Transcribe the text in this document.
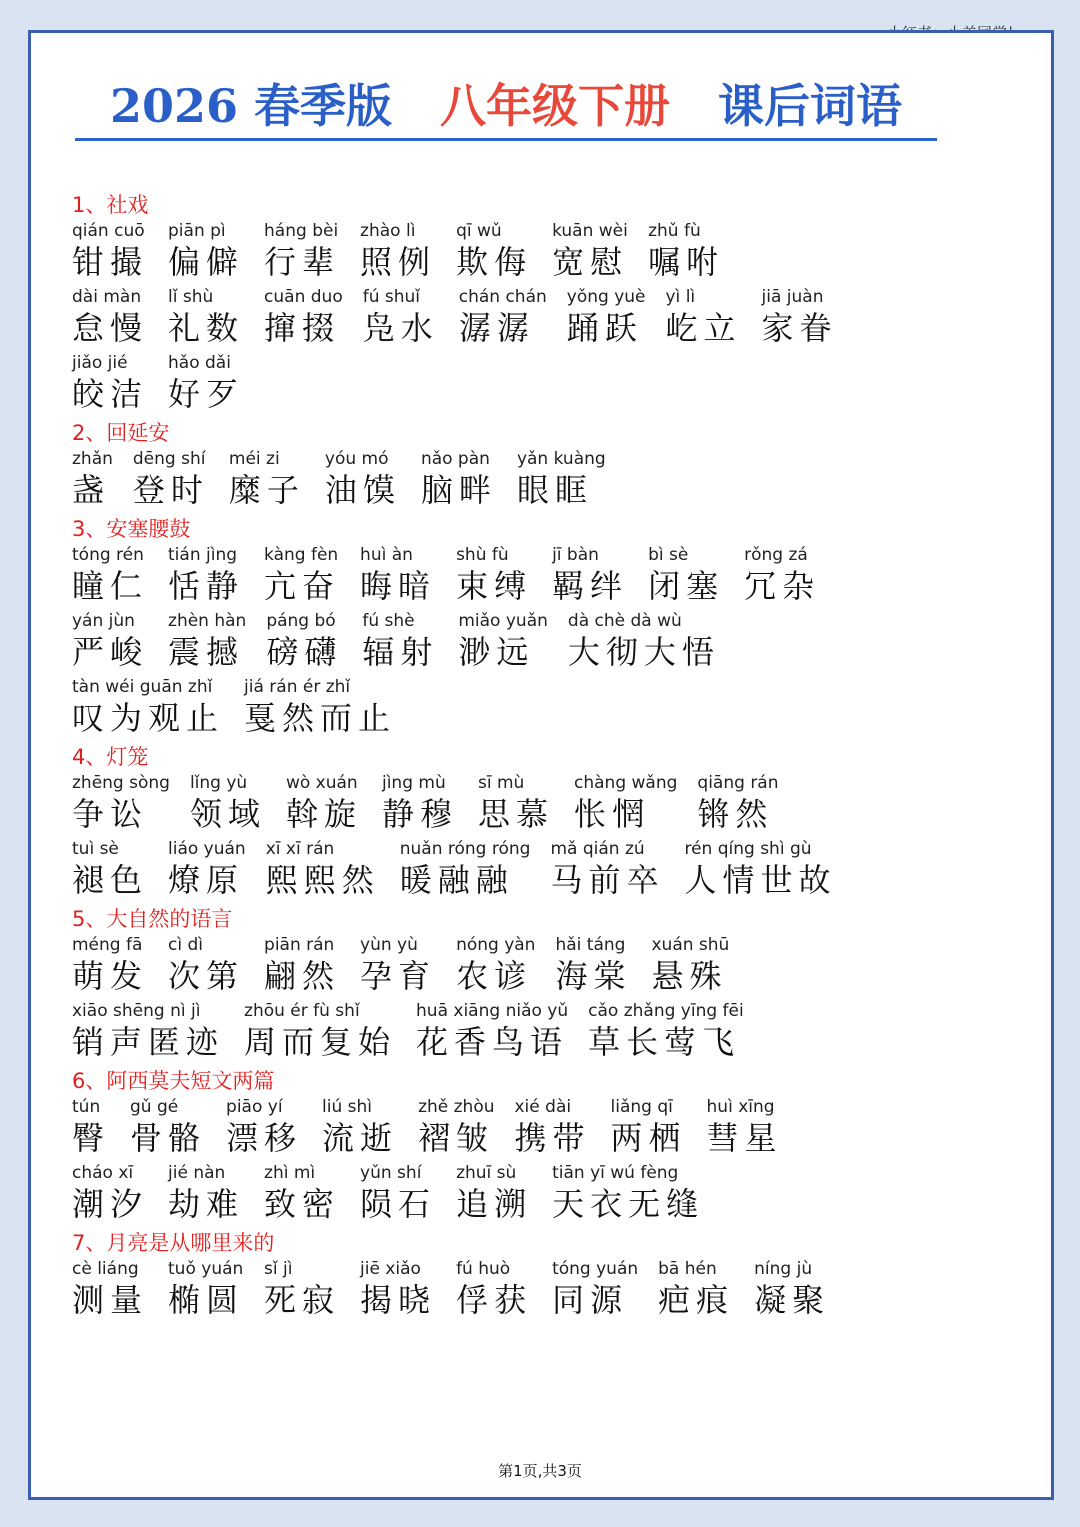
2026 春季版 八年级下册 课后词语
1、社戏
qián cuō
钳撮
piān pì
偏僻
háng bèi
行辈
zhào lì
照例
qī wǔ
欺侮
kuān wèi
宽慰
zhǔ fù
嘱咐
dài màn
怠慢
lǐ shù
礼数
cuān duo
撺掇
fú shuǐ
凫水
chán chán
潺潺
yǒng yuè
踊跃
yì lì
屹立
jiā juàn
家眷
jiǎo jié
皎洁
hǎo dǎi
好歹
2、回延安
zhǎn
盏
dēng shí
登时
méi zi
糜子
yóu mó
油馍
nǎo pàn
脑畔
yǎn kuàng
眼眶
3、安塞腰鼓
tóng rén
瞳仁
tián jìng
恬静
kàng fèn
亢奋
huì àn
晦暗
shù fù
束缚
jī bàn
羁绊
bì sè
闭塞
rǒng zá
冗杂
yán jùn
严峻
zhèn hàn
震撼
páng bó
磅礴
fú shè
辐射
miǎo yuǎn
渺远
dà chè dà wù
大彻大悟
tàn wéi guān zhǐ
叹为观止
jiá rán ér zhǐ
戛然而止
4、灯笼
zhēng sòng
争讼
lǐng yù
领域
wò xuán
斡旋
jìng mù
静穆
sī mù
思慕
chàng wǎng
怅惘
qiāng rán
锵然
tuì sè
褪色
liáo yuán
燎原
xī xī rán
熙熙然
nuǎn róng róng
暖融融
mǎ qián zú
马前卒
rén qíng shì gù
人情世故
5、大自然的语言
méng fā
萌发
cì dì
次第
piān rán
翩然
yùn yù
孕育
nóng yàn
农谚
hǎi táng
海棠
xuán shū
悬殊
xiāo shēng nì jì
销声匿迹
zhōu ér fù shǐ
周而复始
huā xiāng niǎo yǔ
花香鸟语
cǎo zhǎng yīng fēi
草长莺飞
6、阿西莫夫短文两篇
tún
臀
gǔ gé
骨骼
piāo yí
漂移
liú shì
流逝
zhě zhòu
褶皱
xié dài
携带
liǎng qī
两栖
huì xīng
彗星
cháo xī
潮汐
jié nàn
劫难
zhì mì
致密
yǔn shí
陨石
zhuī sù
追溯
tiān yī wú fèng
天衣无缝
7、月亮是从哪里来的
cè liáng
测量
tuǒ yuán
椭圆
sǐ jì
死寂
jiē xiǎo
揭晓
fú huò
俘获
tóng yuán
同源
bā hén
疤痕
níng jù
凝聚
第1页,共3页
